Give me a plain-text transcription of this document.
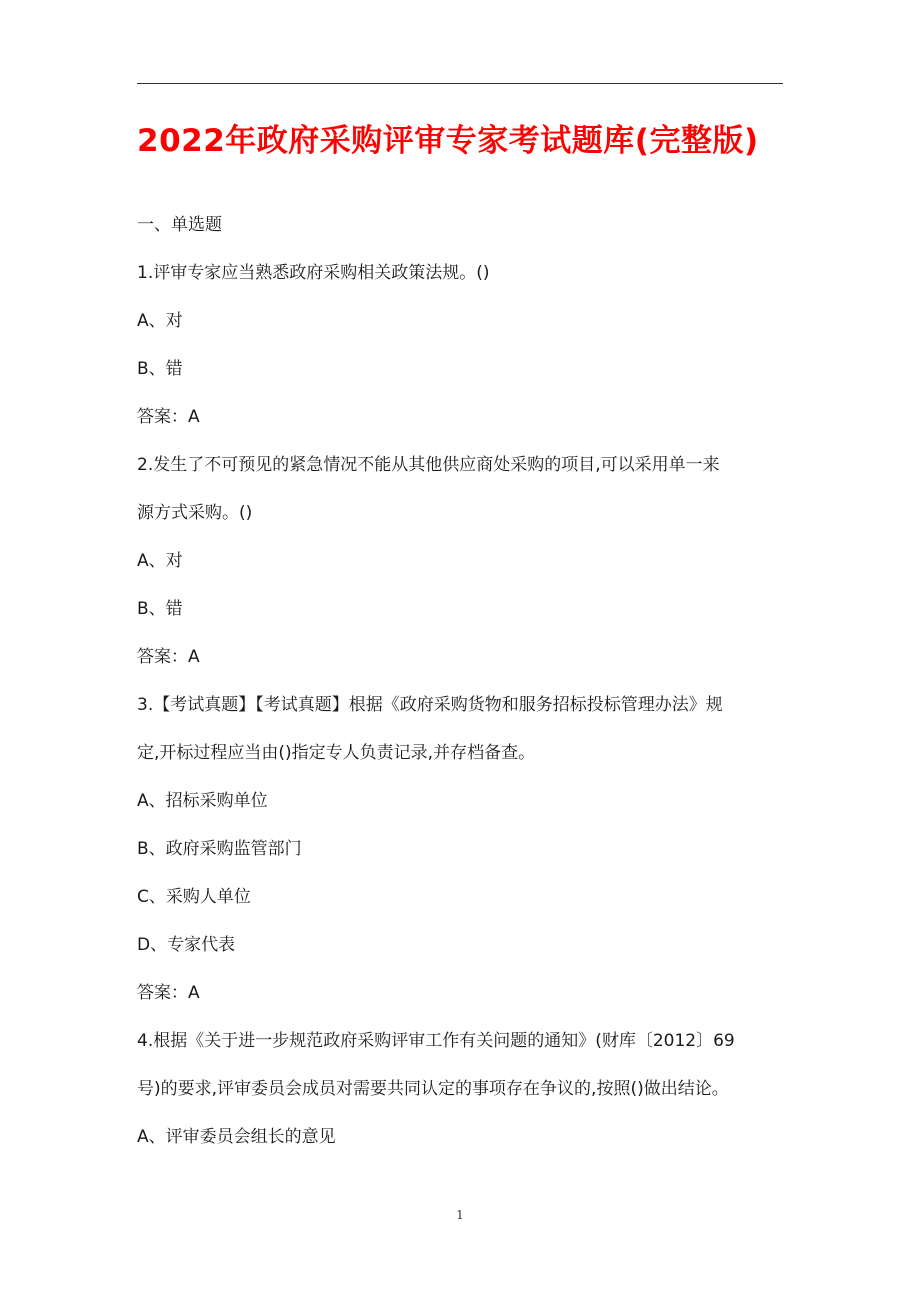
2022年政府采购评审专家考试题库(完整版)
一、单选题
1.评审专家应当熟悉政府采购相关政策法规。()
A、对
B、错
答案：A
2.发生了不可预见的紧急情况不能从其他供应商处采购的项目,可以采用单一来
源方式采购。()
A、对
B、错
答案：A
3.【考试真题】【考试真题】根据《政府采购货物和服务招标投标管理办法》规
定,开标过程应当由()指定专人负责记录,并存档备查。
A、招标采购单位
B、政府采购监管部门
C、采购人单位
D、专家代表
答案：A
4.根据《关于进一步规范政府采购评审工作有关问题的通知》(财库〔2012〕69
号)的要求,评审委员会成员对需要共同认定的事项存在争议的,按照()做出结论。
A、评审委员会组长的意见
1
